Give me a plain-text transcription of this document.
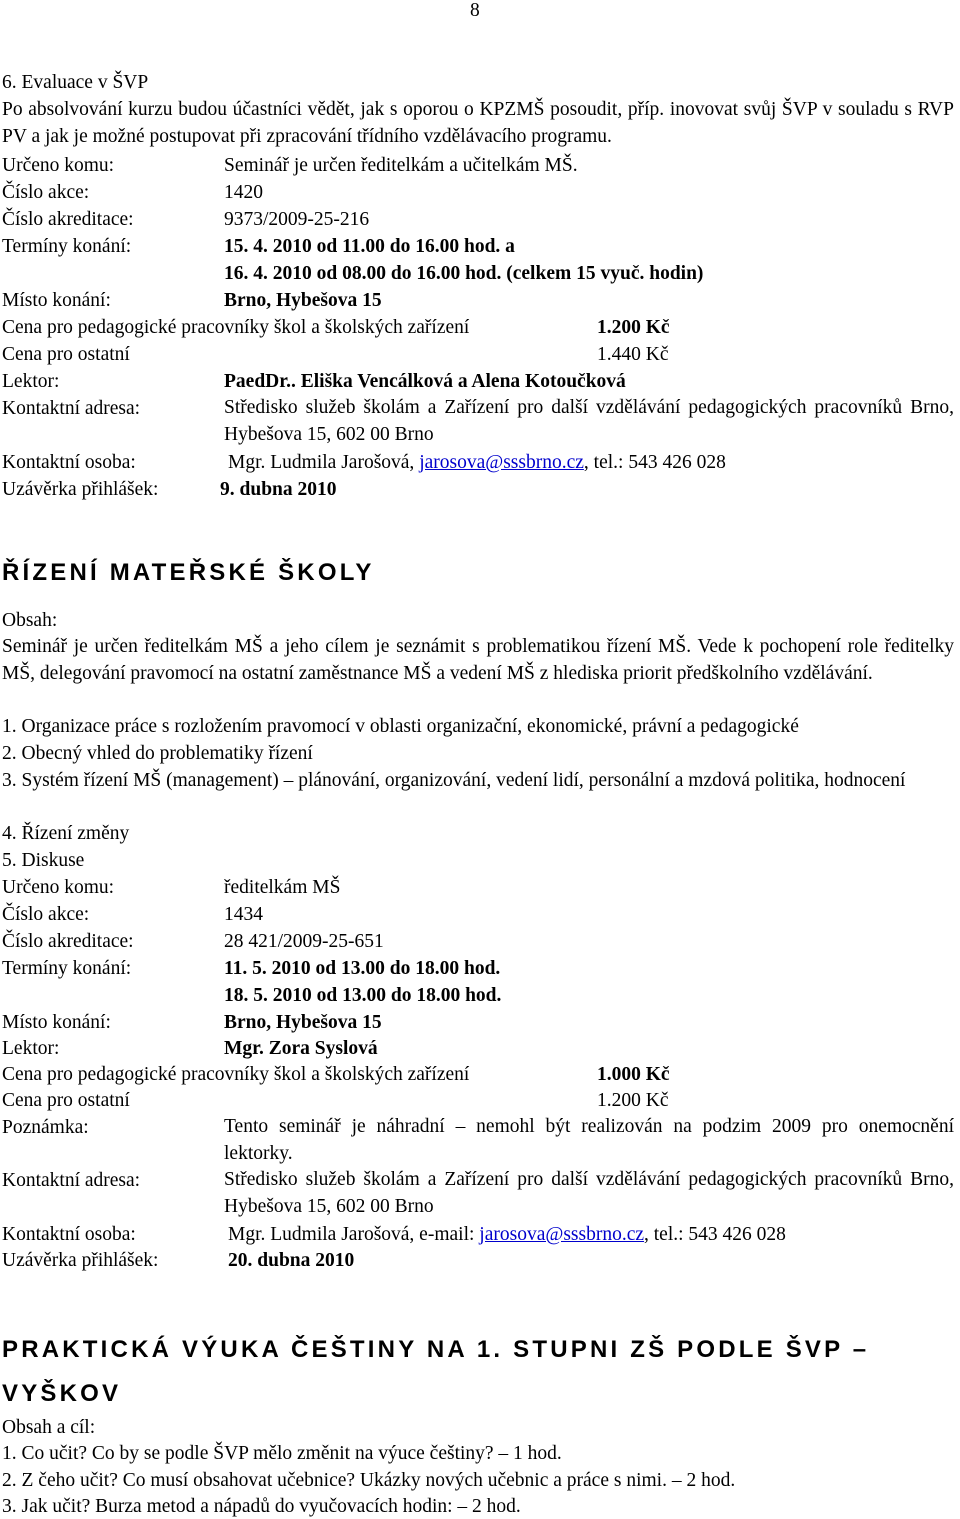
8
6. Evaluace v ŠVP
Po absolvování kurzu budou účastníci vědět, jak s oporou o KPZMŠ posoudit, příp. inovovat svůj ŠVP v souladu s RVP PV a jak je možné postupovat při zpracování třídního vzdělávacího programu.
Určeno komu:	Seminář je určen ředitelkám a učitelkám MŠ.
Číslo akce:	1420
Číslo akreditace:	9373/2009-25-216
Termíny konání:	15. 4. 2010 od 11.00 do 16.00 hod. a
16. 4. 2010 od 08.00 do 16.00 hod. (celkem 15 vyuč. hodin)
Místo konání:	Brno, Hybešova 15
Cena pro pedagogické pracovníky škol a školských zařízení	1.200 Kč
Cena pro ostatní	1.440 Kč
Lektor:	PaedDr.. Eliška Vencálková a Alena Kotoučková
Kontaktní adresa:	Středisko služeb školám a Zařízení pro další vzdělávání pedagogických pracovníků Brno, Hybešova 15, 602 00 Brno
Kontaktní osoba:	Mgr. Ludmila Jarošová, jarosova@sssbrno.cz, tel.: 543 426 028
Uzávěrka přihlášek:	9. dubna 2010
ŘÍZENÍ MATEŘSKÉ ŠKOLY
Obsah:
Seminář je určen ředitelkám MŠ a jeho cílem je seznámit s problematikou řízení MŠ. Vede k pochopení role ředitelky MŠ, delegování pravomocí na ostatní zaměstnance MŠ a vedení MŠ z hlediska priorit předškolního vzdělávání.
1. Organizace práce s rozložením pravomocí v oblasti organizační, ekonomické, právní a pedagogické
2. Obecný vhled do problematiky řízení
3. Systém řízení MŠ (management) – plánování, organizování, vedení lidí, personální a mzdová politika, hodnocení
4. Řízení změny
5. Diskuse
Určeno komu:	ředitelkám MŠ
Číslo akce:	1434
Číslo akreditace:	28 421/2009-25-651
Termíny konání:	11. 5. 2010 od 13.00 do 18.00 hod.
18. 5. 2010 od 13.00 do 18.00 hod.
Místo konání:	Brno, Hybešova 15
Lektor:	Mgr. Zora Syslová
Cena pro pedagogické pracovníky škol a školských zařízení	1.000 Kč
Cena pro ostatní	1.200 Kč
Poznámka:	Tento seminář je náhradní – nemohl být realizován na podzim 2009 pro onemocnění lektorky.
Kontaktní adresa:	Středisko služeb školám a Zařízení pro další vzdělávání pedagogických pracovníků Brno, Hybešova 15, 602 00 Brno
Kontaktní osoba:	Mgr. Ludmila Jarošová, e-mail: jarosova@sssbrno.cz, tel.: 543 426 028
Uzávěrka přihlášek:	20. dubna 2010
PRAKTICKÁ VÝUKA ČEŠTINY NA 1. STUPNI ZŠ PODLE ŠVP – VYŠKOV
Obsah a cíl:
1. Co učit? Co by se podle ŠVP mělo změnit na výuce češtiny? – 1 hod.
2. Z čeho učit? Co musí obsahovat učebnice? Ukázky nových učebnic a práce s nimi. – 2 hod.
3. Jak učit? Burza metod a nápadů do vyučovacích hodin: – 2 hod.
